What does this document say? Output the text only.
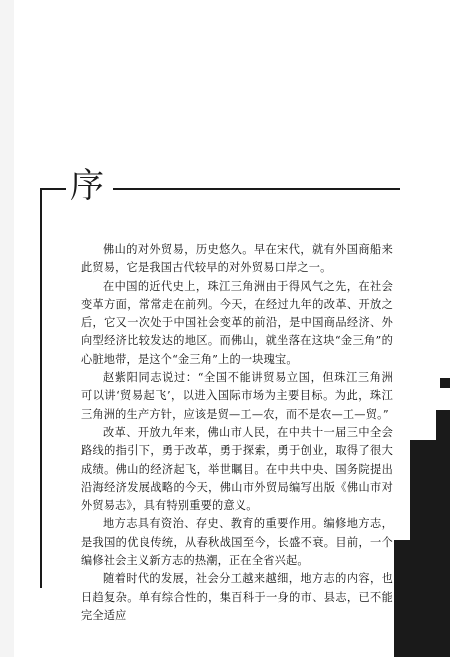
序

佛山的对外贸易，历史悠久。早在宋代，就有外国商船来此贸易，它是我国古代较早的对外贸易口岸之一。

在中国的近代史上，珠江三角洲由于得风气之先，在社会变革方面，常常走在前列。今天，在经过九年的改革、开放之后，它又一次处于中国社会变革的前沿，是中国商品经济、外向型经济比较发达的地区。而佛山，就坐落在这块“金三角”的心脏地带，是这个“金三角”上的一块瑰宝。

赵紫阳同志说过：“全国不能讲贸易立国，但珠江三角洲可以讲‘贸易起飞’，以进入国际市场为主要目标。为此，珠江三角洲的生产方针，应该是贸—工—农，而不是农—工—贸。”

改革、开放九年来，佛山市人民，在中共十一届三中全会路线的指引下，勇于改革，勇于探索，勇于创业，取得了很大成绩。佛山的经济起飞，举世瞩目。在中共中央、国务院提出沿海经济发展战略的今天，佛山市外贸局编写出版《佛山市对外贸易志》，具有特别重要的意义。

地方志具有资治、存史、教育的重要作用。编修地方志，是我国的优良传统，从春秋战国至今，长盛不衰。目前，一个编修社会主义新方志的热潮，正在全省兴起。

随着时代的发展，社会分工越来越细，地方志的内容，也日趋复杂。单有综合性的，集百科于一身的市、县志，已不能完全适应
